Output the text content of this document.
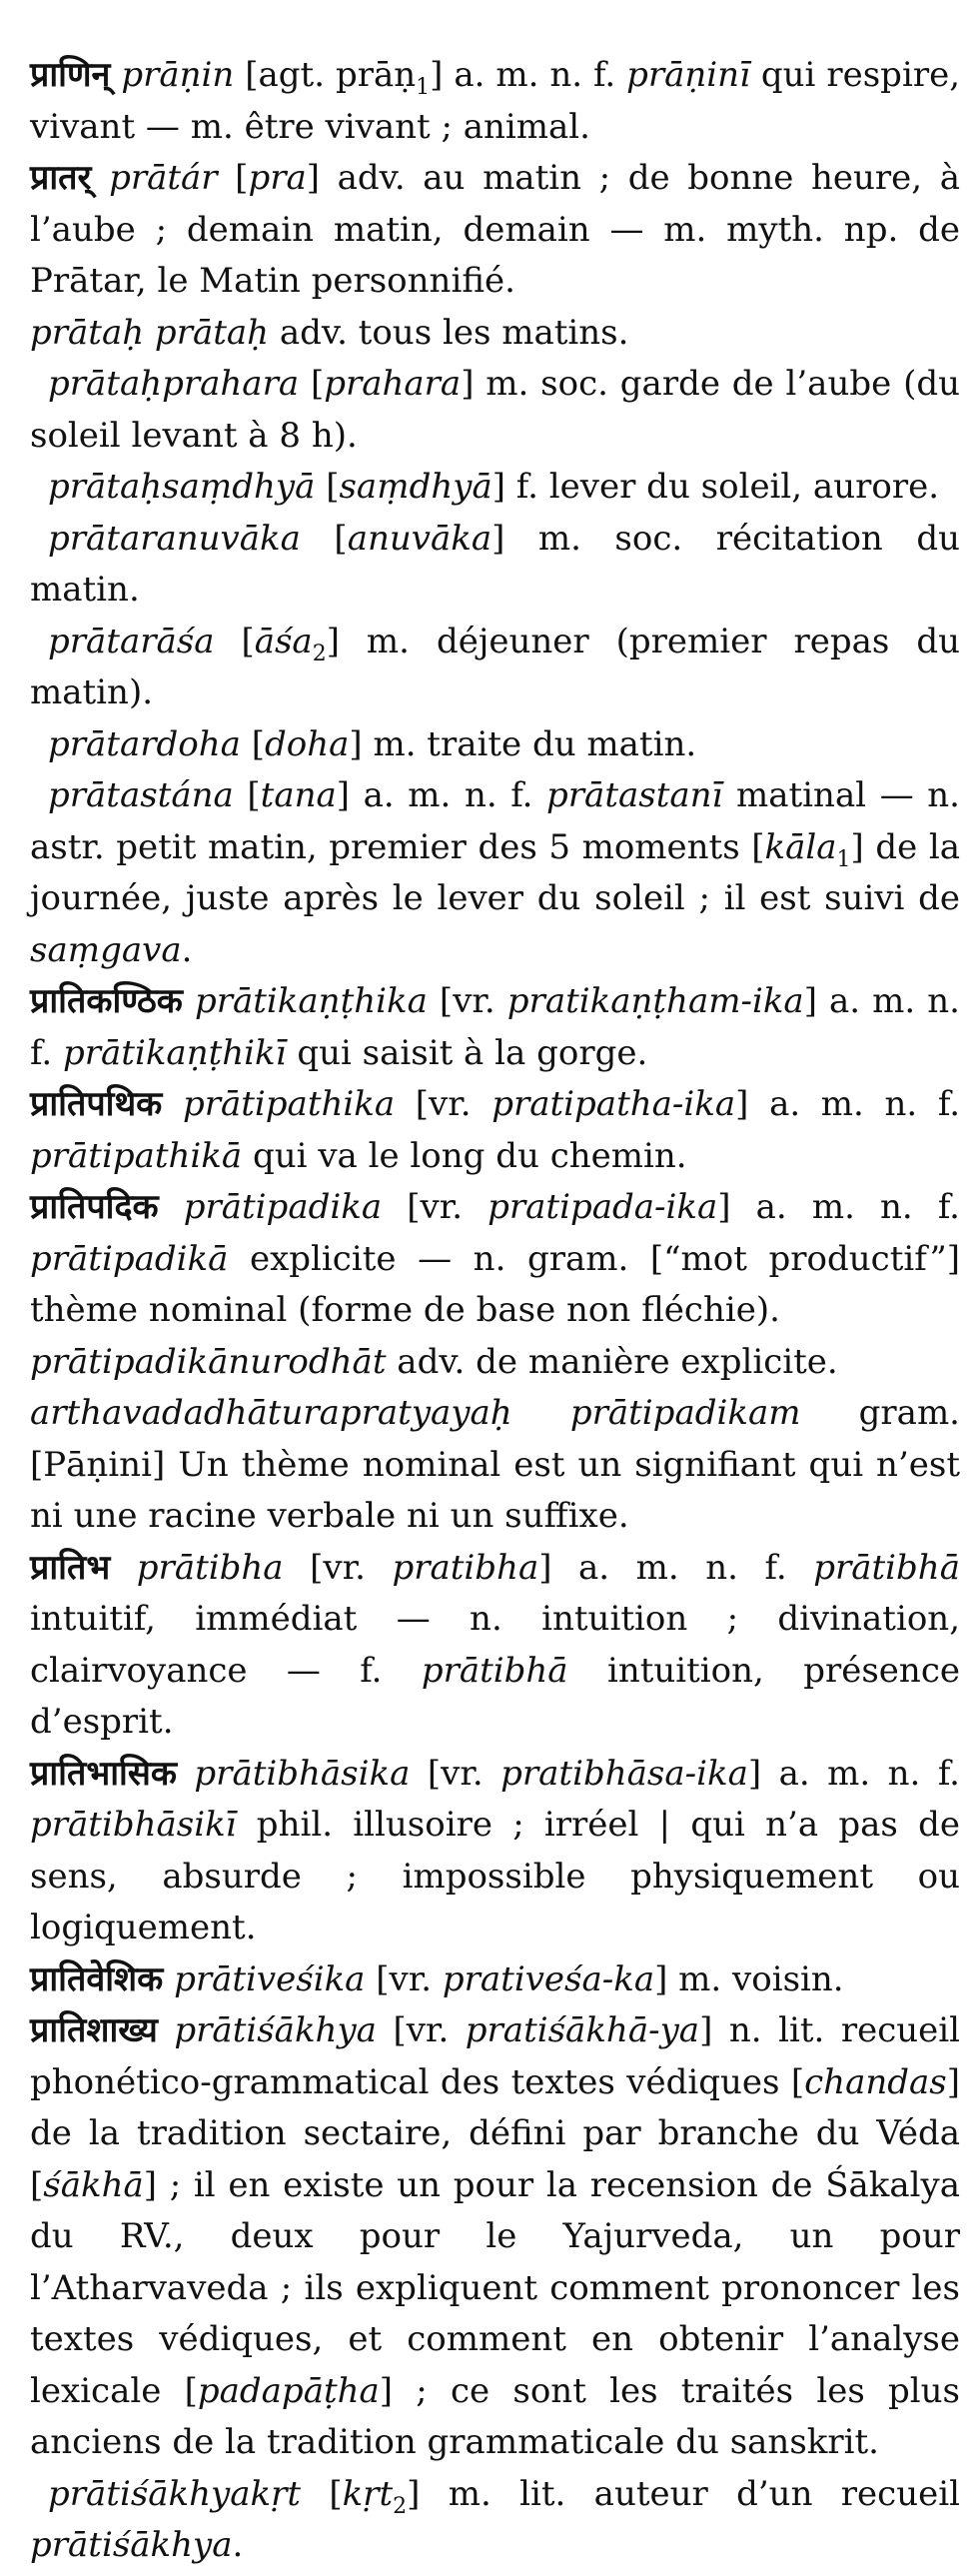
प्राणिन् prāṇin [agt. prāṇ$_1$] a. m. n. f. prāṇinī qui respire, vivant — m. être vivant ; animal.

प्रातर् prātár [pra] adv. au matin ; de bonne heure, à l’aube ; demain matin, demain — m. myth. np. de Prātar, le Matin personnifié.

prātaḥ prātaḥ adv. tous les matins.

prātaḥprahara [prahara] m. soc. garde de l’aube (du soleil levant à 8 h).

prātaḥsaṃdhyā [saṃdhyā] f. lever du soleil, aurore.

prātaranuvāka [anuvāka] m. soc. récitation du matin.

prātarāśa [āśa$_2$] m. déjeuner (premier repas du matin).

prātardoha [doha] m. traite du matin.

prātastána [tana] a. m. n. f. prātastanī matinal — n. astr. petit matin, premier des 5 moments [kāla$_1$] de la journée, juste après le lever du soleil ; il est suivi de saṃgava.

प्रातिकण्ठिक prātikaṇṭhika [vr. pratikaṇṭham-ika] a. m. n. f. prātikaṇṭhikī qui saisit à la gorge.

प्रातिपथिक prātipathika [vr. pratipatha-ika] a. m. n. f. prātipathikā qui va le long du chemin.

प्रातिपदिक prātipadika [vr. pratipada-ika] a. m. n. f. prātipadikā explicite — n. gram. [“mot productif”] thème nominal (forme de base non fléchie).

prātipadikānurodhāt adv. de manière explicite.

arthavadadhāturapratyayaḥ prātipadikam gram. [Pāṇini] Un thème nominal est un signifiant qui n’est ni une racine verbale ni un suffixe.

प्रातिभ prātibha [vr. pratibha] a. m. n. f. prātibhā intuitif, immédiat — n. intuition ; divination, clairvoyance — f. prātibhā intuition, présence d’esprit.

प्रातिभासिक prātibhāsika [vr. pratibhāsa-ika] a. m. n. f. prātibhāsikī phil. illusoire ; irréel | qui n’a pas de sens, absurde ; impossible physiquement ou logiquement.

प्रातिवेशिक prātiveśika [vr. prativeśa-ka] m. voisin.

प्रातिशाख्य prātiśākhya [vr. pratiśākhā-ya] n. lit. recueil phonético-grammatical des textes védiques [chandas] de la tradition sectaire, défini par branche du Véda [śākhā] ; il en existe un pour la recension de Śākalya du RV., deux pour le Yajurveda, un pour l’Atharvaveda ; ils expliquent comment prononcer les textes védiques, et comment en obtenir l’analyse lexicale [padapāṭha] ; ce sont les traités les plus anciens de la tradition grammaticale du sanskrit.

prātiśākhyakṛt [kṛt$_2$] m. lit. auteur d’un recueil prātiśākhya.
